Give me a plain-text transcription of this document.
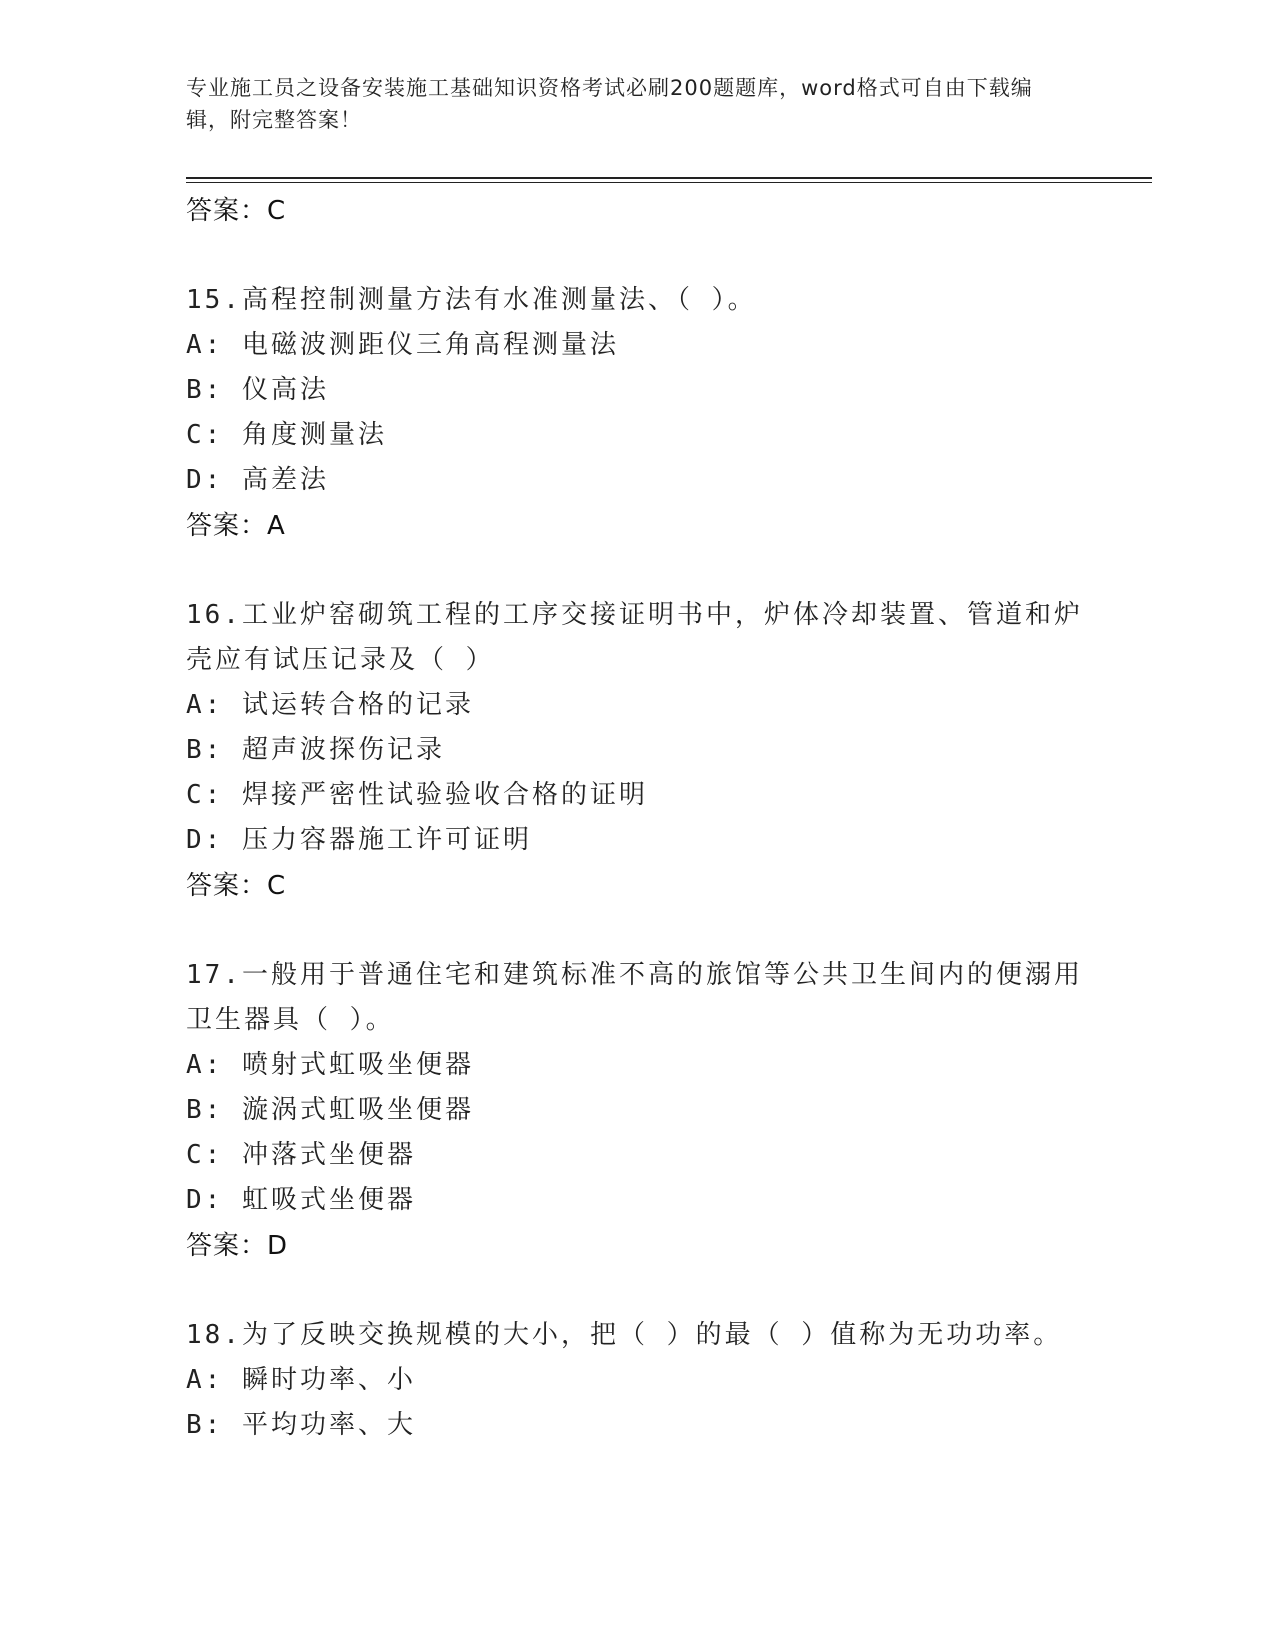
专业施工员之设备安装施工基础知识资格考试必刷200题题库，word格式可自由下载编辑，附完整答案！
答案：C
15.高程控制测量方法有水准测量法、（ ）。
A: 电磁波测距仪三角高程测量法
B: 仪高法
C: 角度测量法
D: 高差法
答案：A
16.工业炉窑砌筑工程的工序交接证明书中，炉体冷却装置、管道和炉壳应有试压记录及（ ）
A: 试运转合格的记录
B: 超声波探伤记录
C: 焊接严密性试验验收合格的证明
D: 压力容器施工许可证明
答案：C
17.一般用于普通住宅和建筑标准不高的旅馆等公共卫生间内的便溺用卫生器具（ ）。
A: 喷射式虹吸坐便器
B: 漩涡式虹吸坐便器
C: 冲落式坐便器
D: 虹吸式坐便器
答案：D
18.为了反映交换规模的大小，把（ ）的最（ ）值称为无功功率。
A: 瞬时功率、小
B: 平均功率、大
